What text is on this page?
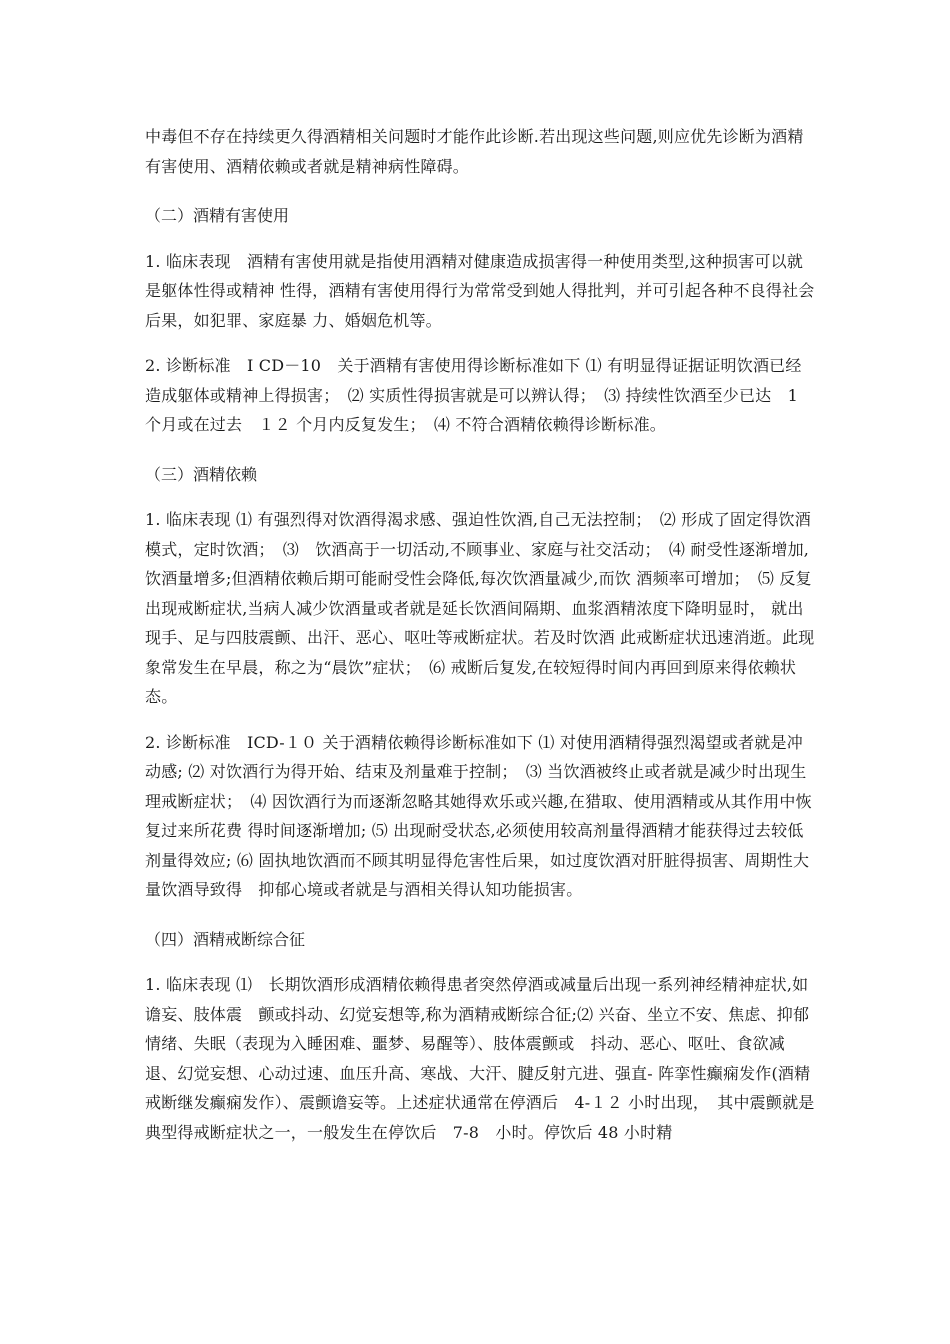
中毒但不存在持续更久得酒精相关问题时才能作此诊断.若出现这些问题,则应优先诊断为酒精有害使用、酒精依赖或者就是精神病性障碍。

（二）酒精有害使用

1. 临床表现　酒精有害使用就是指使用酒精对健康造成损害得一种使用类型,这种损害可以就是躯体性得或精神 性得，酒精有害使用得行为常常受到她人得批判，并可引起各种不良得社会后果，如犯罪、家庭暴 力、婚姻危机等。

2. 诊断标准　I CD－10　关于酒精有害使用得诊断标准如下 ⑴ 有明显得证据证明饮酒已经造成躯体或精神上得损害；　⑵ 实质性得损害就是可以辨认得；　⑶ 持续性饮酒至少已达　1　个月或在过去　１２ 个月内反复发生；　⑷ 不符合酒精依赖得诊断标准。

（三）酒精依赖

1. 临床表现 ⑴ 有强烈得对饮酒得渴求感、强迫性饮酒,自己无法控制；　⑵ 形成了固定得饮酒模式，定时饮酒；　⑶　饮酒高于一切活动,不顾事业、家庭与社交活动；　⑷ 耐受性逐渐增加,饮酒量增多;但酒精依赖后期可能耐受性会降低,每次饮酒量减少,而饮 酒频率可增加；　⑸ 反复出现戒断症状,当病人减少饮酒量或者就是延长饮酒间隔期、血浆酒精浓度下降明显时， 就出现手、足与四肢震颤、出汗、恶心、呕吐等戒断症状。若及时饮酒 此戒断症状迅速消逝。此现 象常发生在早晨，称之为“晨饮”症状；　⑹ 戒断后复发,在较短得时间内再回到原来得依赖状态。

2. 诊断标准　ICD-１０ 关于酒精依赖得诊断标准如下 ⑴ 对使用酒精得强烈渴望或者就是冲动感; ⑵ 对饮酒行为得开始、结束及剂量难于控制；　⑶ 当饮酒被终止或者就是减少时出现生理戒断症状；　⑷ 因饮酒行为而逐渐忽略其她得欢乐或兴趣,在猎取、使用酒精或从其作用中恢复过来所花费 得时间逐渐增加; ⑸ 出现耐受状态,必须使用较高剂量得酒精才能获得过去较低剂量得效应; ⑹ 固执地饮酒而不顾其明显得危害性后果，如过度饮酒对肝脏得损害、周期性大量饮酒导致得　抑郁心境或者就是与酒相关得认知功能损害。

（四）酒精戒断综合征

1. 临床表现 ⑴　长期饮酒形成酒精依赖得患者突然停酒或减量后出现一系列神经精神症状,如谵妄、肢体震　颤或抖动、幻觉妄想等,称为酒精戒断综合征;⑵ 兴奋、坐立不安、焦虑、抑郁情绪、失眠（表现为入睡困难、噩梦、易醒等）、肢体震颤或　抖动、恶心、呕吐、食欲减退、幻觉妄想、心动过速、血压升高、寒战、大汗、腱反射亢进、强直- 阵挛性癫痫发作(酒精戒断继发癫痫发作）、震颤谵妄等。上述症状通常在停酒后　4-１２ 小时出现，　其中震颤就是典型得戒断症状之一，一般发生在停饮后　7-8　小时。停饮后 48 小时精
